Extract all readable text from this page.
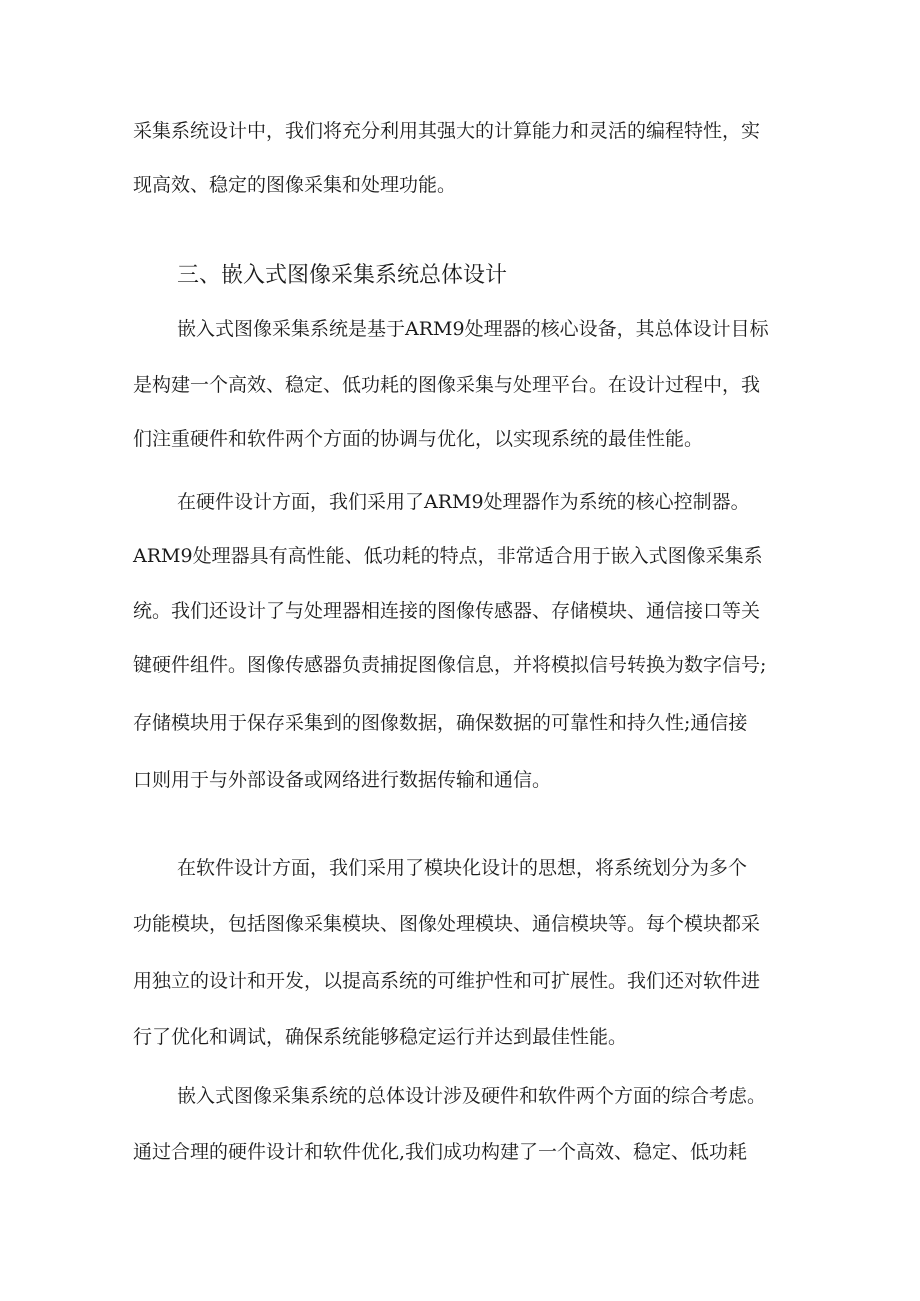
采集系统设计中，我们将充分利用其强大的计算能力和灵活的编程特性，实
现高效、稳定的图像采集和处理功能。
三、嵌入式图像采集系统总体设计
嵌入式图像采集系统是基于ARM9处理器的核心设备，其总体设计目标
是构建一个高效、稳定、低功耗的图像采集与处理平台。在设计过程中，我
们注重硬件和软件两个方面的协调与优化，以实现系统的最佳性能。
在硬件设计方面，我们采用了ARM9处理器作为系统的核心控制器。
ARM9处理器具有高性能、低功耗的特点，非常适合用于嵌入式图像采集系
统。我们还设计了与处理器相连接的图像传感器、存储模块、通信接口等关
键硬件组件。图像传感器负责捕捉图像信息，并将模拟信号转换为数字信号;
存储模块用于保存采集到的图像数据，确保数据的可靠性和持久性;通信接
口则用于与外部设备或网络进行数据传输和通信。
在软件设计方面，我们采用了模块化设计的思想，将系统划分为多个
功能模块，包括图像采集模块、图像处理模块、通信模块等。每个模块都采
用独立的设计和开发，以提高系统的可维护性和可扩展性。我们还对软件进
行了优化和调试，确保系统能够稳定运行并达到最佳性能。
嵌入式图像采集系统的总体设计涉及硬件和软件两个方面的综合考虑。
通过合理的硬件设计和软件优化,我们成功构建了一个高效、稳定、低功耗
